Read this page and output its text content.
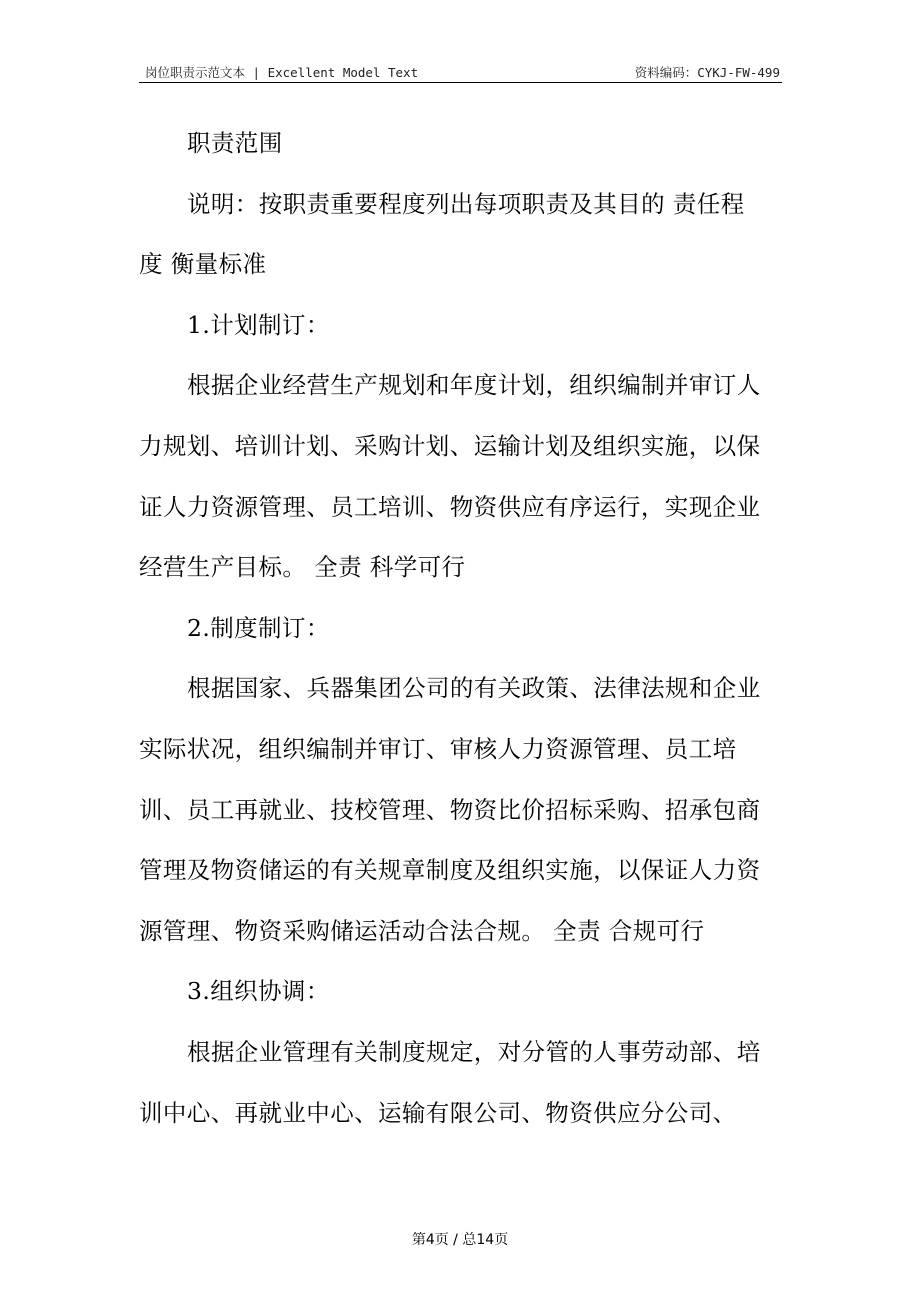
岗位职责示范文本 | Excellent Model Text	资料编码：CYKJ-FW-499

职责范围

说明：按职责重要程度列出每项职责及其目的 责任程度 衡量标准

1.计划制订：

根据企业经营生产规划和年度计划，组织编制并审订人力规划、培训计划、采购计划、运输计划及组织实施，以保证人力资源管理、员工培训、物资供应有序运行，实现企业经营生产目标。 全责 科学可行

2.制度制订：

根据国家、兵器集团公司的有关政策、法律法规和企业实际状况，组织编制并审订、审核人力资源管理、员工培训、员工再就业、技校管理、物资比价招标采购、招承包商管理及物资储运的有关规章制度及组织实施，以保证人力资源管理、物资采购储运活动合法合规。 全责 合规可行

3.组织协调：

根据企业管理有关制度规定，对分管的人事劳动部、培训中心、再就业中心、运输有限公司、物资供应分公司、

第4页 / 总14页
